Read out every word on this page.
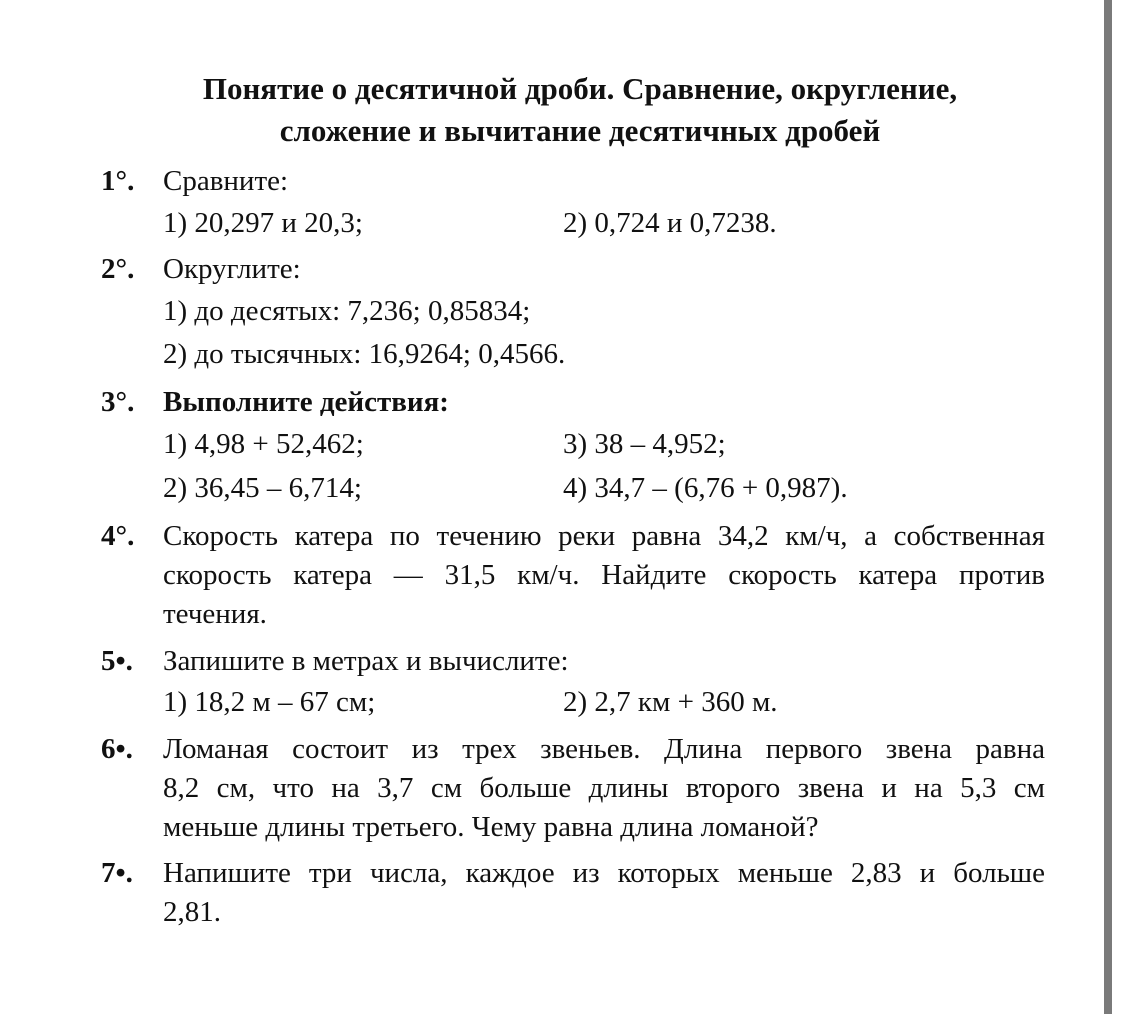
Понятие о десятичной дроби. Сравнение, округление,
сложение и вычитание десятичных дробей
1°. Сравните:
1) 20,297 и 20,3;	2) 0,724 и 0,7238.
2°. Округлите:
1) до десятых: 7,236; 0,85834;
2) до тысячных: 16,9264; 0,4566.
3°. Выполните действия:
1) 4,98 + 52,462;	3) 38 – 4,952;
2) 36,45 – 6,714;	4) 34,7 – (6,76 + 0,987).
4°. Скорость катера по течению реки равна 34,2 км/ч, а собственная
скорость катера — 31,5 км/ч. Найдите скорость катера против
течения.
5•. Запишите в метрах и вычислите:
1) 18,2 м – 67 см;	2) 2,7 км + 360 м.
6•. Ломаная состоит из трех звеньев. Длина первого звена равна
8,2 см, что на 3,7 см больше длины второго звена и на 5,3 см
меньше длины третьего. Чему равна длина ломаной?
7•. Напишите три числа, каждое из которых меньше 2,83 и больше
2,81.
